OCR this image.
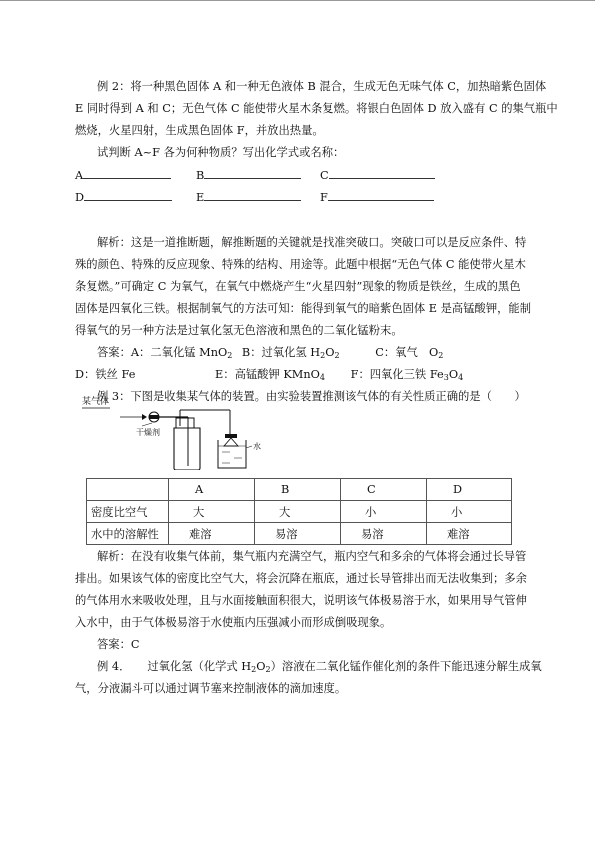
例 2：将一种黑色固体 A 和一种无色液体 B 混合，生成无色无味气体 C，加热暗紫色固体
E 同时得到 A 和 C；无色气体 C 能使带火星木条复燃。将银白色固体 D 放入盛有 C 的集气瓶中
燃烧，火星四射，生成黑色固体 F，并放出热量。
试判断 A~F 各为何种物质？写出化学式或名称：
A	B	C
D	E	F
解析：这是一道推断题，解推断题的关键就是找准突破口。突破口可以是反应条件、特
殊的颜色、特殊的反应现象、特殊的结构、用途等。此题中根据“无色气体 C 能使带火星木
条复燃。”可确定 C 为氧气，在氧气中燃烧产生“火星四射”现象的物质是铁丝，生成的黑色
固体是四氧化三铁。根据制氧气的方法可知：能得到氧气的暗紫色固体 E 是高锰酸钾，能制
得氧气的另一种方法是过氧化氢无色溶液和黑色的二氧化锰粉末。
答案：A：二氧化锰 MnO$_2$ B：过氧化氢 $H_2O_2$	C：氧气　$O_2$
D：铁丝 Fe	E：高锰酸钾 KMnO$_4$ F：四氧化三铁 $Fe_3O_4$
例 3：下图是收集某气体的装置。由实验装置推测该气体的有关性质正确的是（　　）
某气体
干燥剂
水
	A	B	C	D
密度比空气	大	大	小	小
水中的溶解性	难溶	易溶	易溶	难溶
解析：在没有收集气体前，集气瓶内充满空气，瓶内空气和多余的气体将会通过长导管
排出。如果该气体的密度比空气大，将会沉降在瓶底，通过长导管排出而无法收集到；多余
的气体用水来吸收处理，且与水面接触面积很大，说明该气体极易溶于水，如果用导气管伸
入水中，由于气体极易溶于水使瓶内压强减小而形成倒吸现象。
答案：C
例 4．　　过氧化氢（化学式 $H_2O_2$）溶液在二氧化锰作催化剂的条件下能迅速分解生成氧
气，分液漏斗可以通过调节塞来控制液体的滴加速度。
